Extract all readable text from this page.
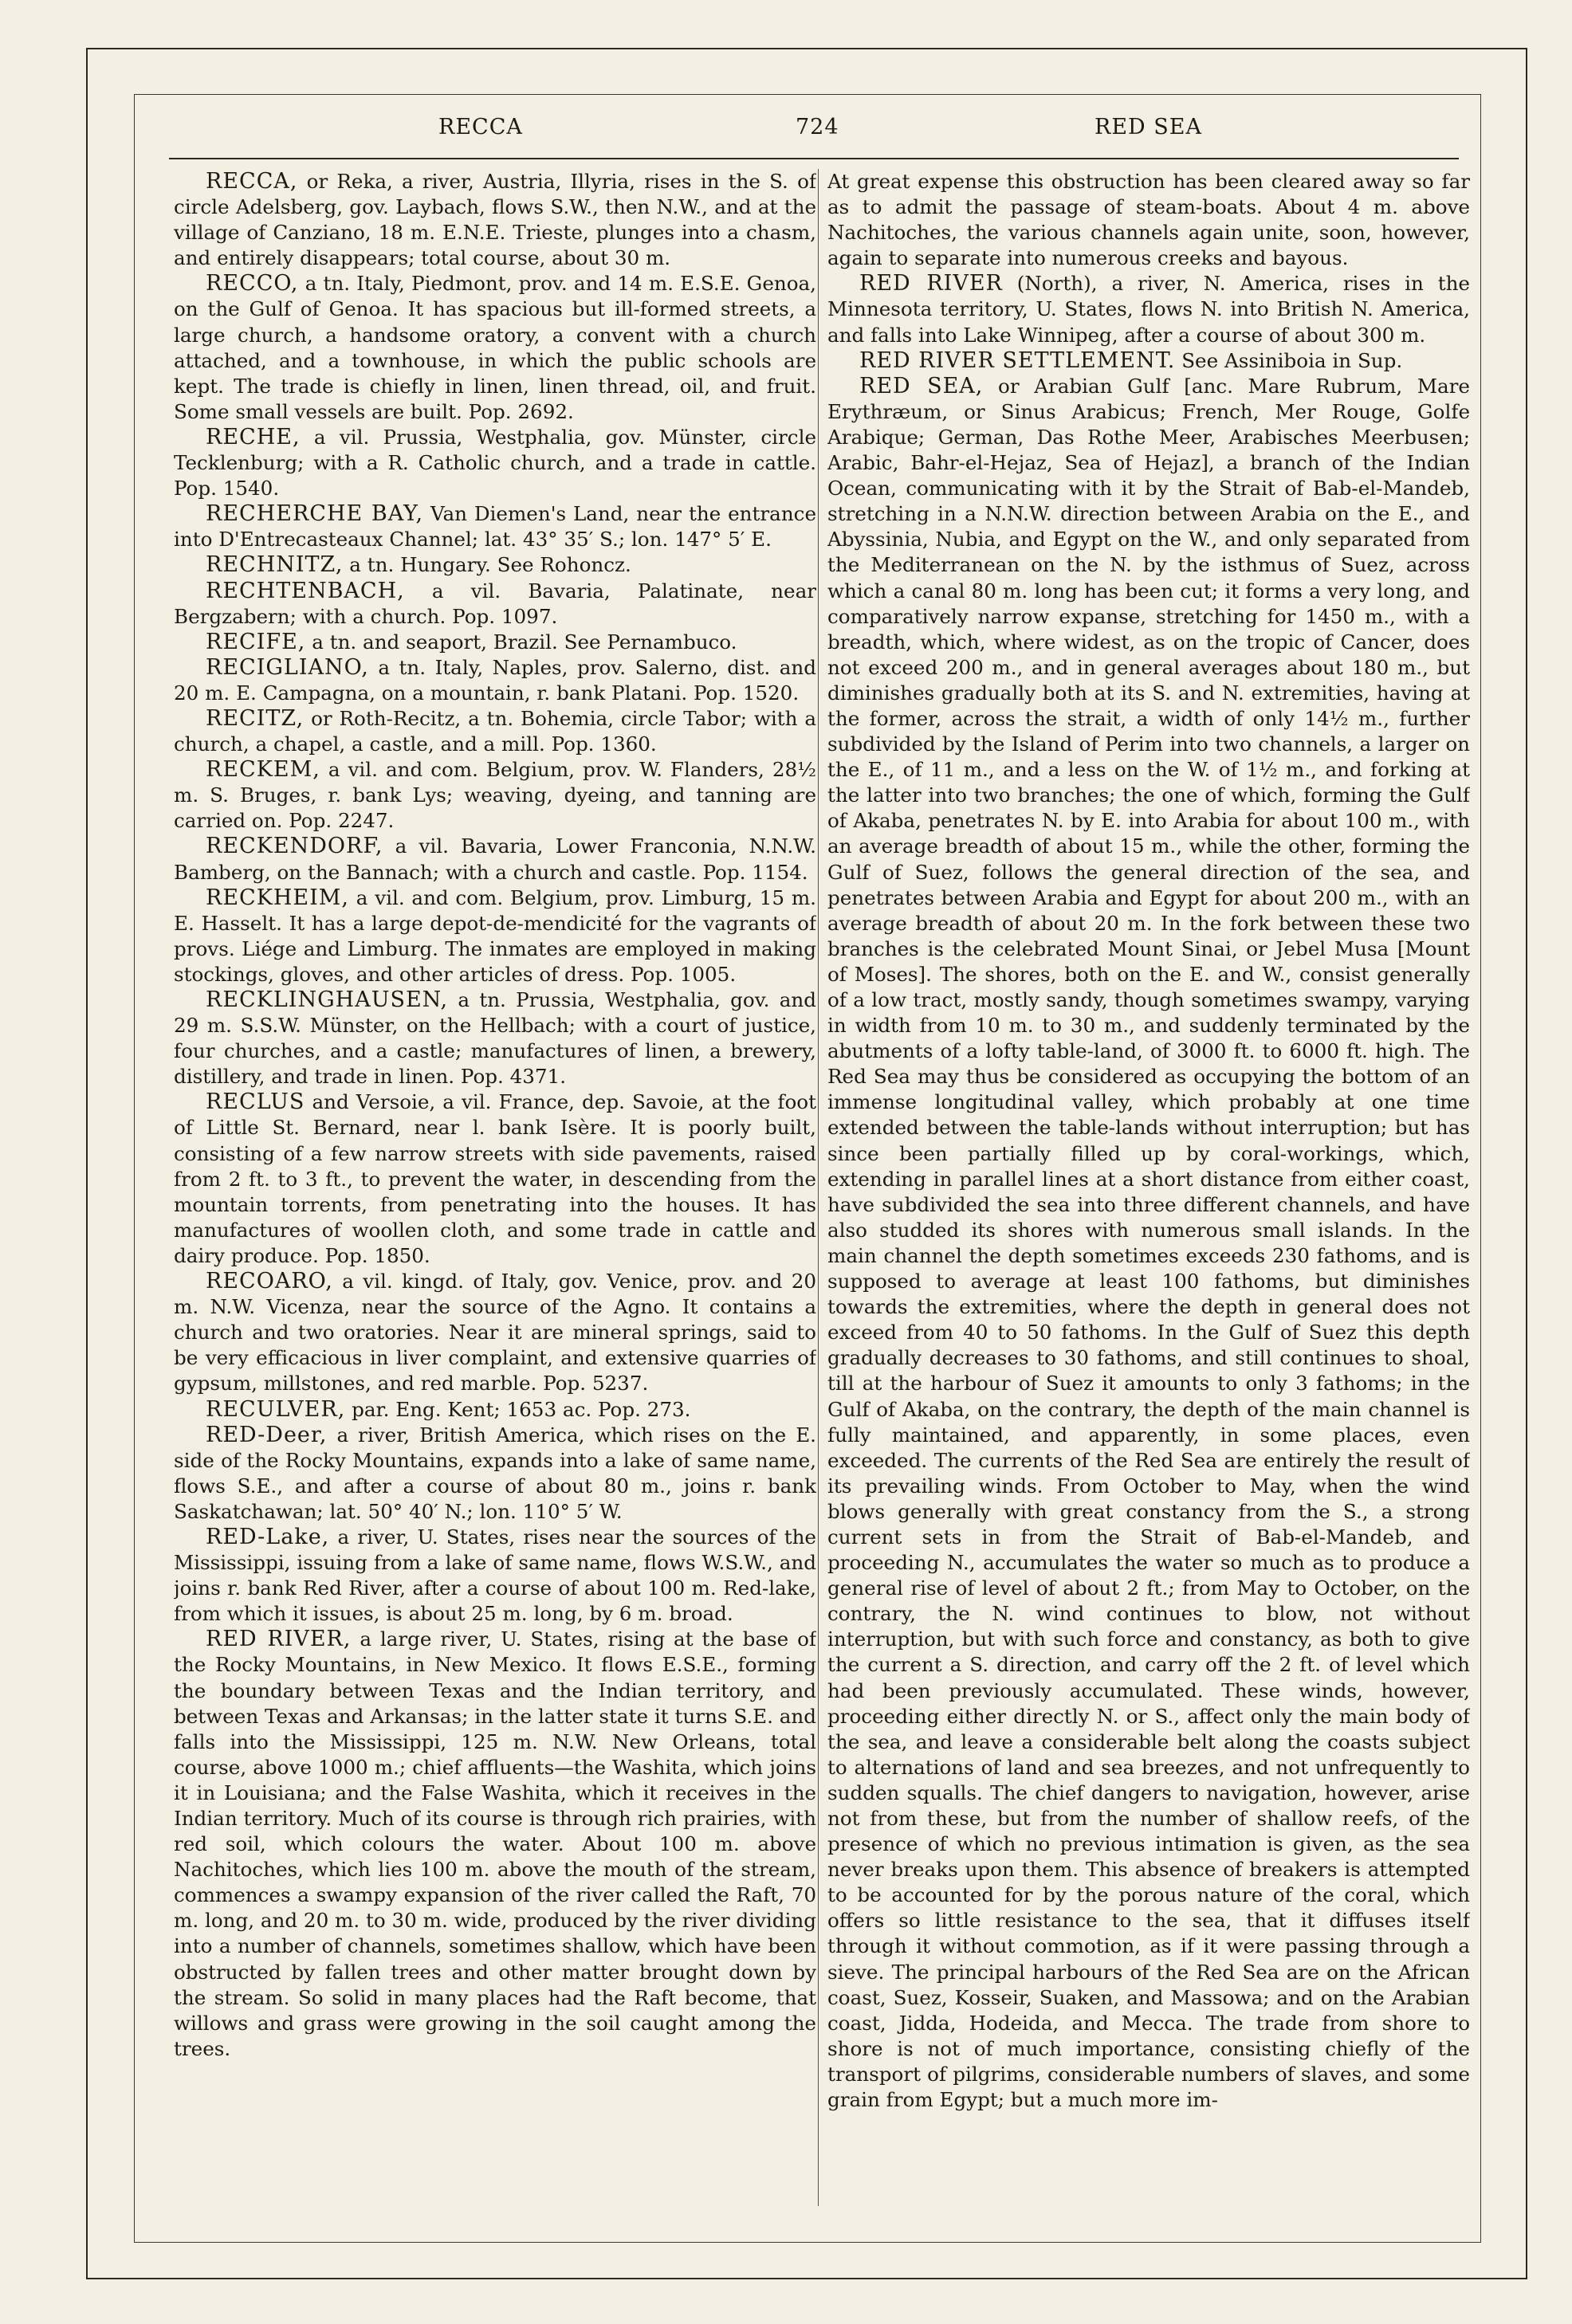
RECCA	724	RED SEA

RECCA, or Reka, a river, Austria, Illyria, rises in the S. of circle Adelsberg, gov. Laybach, flows S.W., then N.W., and at the village of Canziano, 18 m. E.N.E. Trieste, plunges into a chasm, and entirely disappears; total course, about 30 m.

RECCO, a tn. Italy, Piedmont, prov. and 14 m. E.S.E. Genoa, on the Gulf of Genoa. It has spacious but ill-formed streets, a large church, a handsome oratory, a convent with a church attached, and a townhouse, in which the public schools are kept. The trade is chiefly in linen, linen thread, oil, and fruit. Some small vessels are built. Pop. 2692.

RECHE, a vil. Prussia, Westphalia, gov. Münster, circle Tecklenburg; with a R. Catholic church, and a trade in cattle. Pop. 1540.

RECHERCHE BAY, Van Diemen's Land, near the entrance into D'Entrecasteaux Channel; lat. 43° 35′ S.; lon. 147° 5′ E.

RECHNITZ, a tn. Hungary. See Rohoncz.

RECHTENBACH, a vil. Bavaria, Palatinate, near Bergzabern; with a church. Pop. 1097.

RECIFE, a tn. and seaport, Brazil. See Pernambuco.

RECIGLIANO, a tn. Italy, Naples, prov. Salerno, dist. and 20 m. E. Campagna, on a mountain, r. bank Platani. Pop. 1520.

RECITZ, or Roth-Recitz, a tn. Bohemia, circle Tabor; with a church, a chapel, a castle, and a mill. Pop. 1360.

RECKEM, a vil. and com. Belgium, prov. W. Flanders, 28½ m. S. Bruges, r. bank Lys; weaving, dyeing, and tanning are carried on. Pop. 2247.

RECKENDORF, a vil. Bavaria, Lower Franconia, N.N.W. Bamberg, on the Bannach; with a church and castle. Pop. 1154.

RECKHEIM, a vil. and com. Belgium, prov. Limburg, 15 m. E. Hasselt. It has a large depot-de-mendicité for the vagrants of provs. Liége and Limburg. The inmates are employed in making stockings, gloves, and other articles of dress. Pop. 1005.

RECKLINGHAUSEN, a tn. Prussia, Westphalia, gov. and 29 m. S.S.W. Münster, on the Hellbach; with a court of justice, four churches, and a castle; manufactures of linen, a brewery, distillery, and trade in linen. Pop. 4371.

RECLUS and Versoie, a vil. France, dep. Savoie, at the foot of Little St. Bernard, near l. bank Isère. It is poorly built, consisting of a few narrow streets with side pavements, raised from 2 ft. to 3 ft., to prevent the water, in descending from the mountain torrents, from penetrating into the houses. It has manufactures of woollen cloth, and some trade in cattle and dairy produce. Pop. 1850.

RECOARO, a vil. kingd. of Italy, gov. Venice, prov. and 20 m. N.W. Vicenza, near the source of the Agno. It contains a church and two oratories. Near it are mineral springs, said to be very efficacious in liver complaint, and extensive quarries of gypsum, millstones, and red marble. Pop. 5237.

RECULVER, par. Eng. Kent; 1653 ac. Pop. 273.

RED-Deer, a river, British America, which rises on the E. side of the Rocky Mountains, expands into a lake of same name, flows S.E., and after a course of about 80 m., joins r. bank Saskatchawan; lat. 50° 40′ N.; lon. 110° 5′ W.

RED-Lake, a river, U. States, rises near the sources of the Mississippi, issuing from a lake of same name, flows W.S.W., and joins r. bank Red River, after a course of about 100 m. Red-lake, from which it issues, is about 25 m. long, by 6 m. broad.

RED RIVER, a large river, U. States, rising at the base of the Rocky Mountains, in New Mexico. It flows E.S.E., forming the boundary between Texas and the Indian territory, and between Texas and Arkansas; in the latter state it turns S.E. and falls into the Mississippi, 125 m. N.W. New Orleans, total course, above 1000 m.; chief affluents—the Washita, which joins it in Louisiana; and the False Washita, which it receives in the Indian territory. Much of its course is through rich prairies, with red soil, which colours the water. About 100 m. above Nachitoches, which lies 100 m. above the mouth of the stream, commences a swampy expansion of the river called the Raft, 70 m. long, and 20 m. to 30 m. wide, produced by the river dividing into a number of channels, sometimes shallow, which have been obstructed by fallen trees and other matter brought down by the stream. So solid in many places had the Raft become, that willows and grass were growing in the soil caught among the trees.

At great expense this obstruction has been cleared away so far as to admit the passage of steam-boats. About 4 m. above Nachitoches, the various channels again unite, soon, however, again to separate into numerous creeks and bayous.

RED RIVER (North), a river, N. America, rises in the Minnesota territory, U. States, flows N. into British N. America, and falls into Lake Winnipeg, after a course of about 300 m.

RED RIVER SETTLEMENT. See Assiniboia in Sup.

RED SEA, or Arabian Gulf [anc. Mare Rubrum, Mare Erythræum, or Sinus Arabicus; French, Mer Rouge, Golfe Arabique; German, Das Rothe Meer, Arabisches Meerbusen; Arabic, Bahr-el-Hejaz, Sea of Hejaz], a branch of the Indian Ocean, communicating with it by the Strait of Bab-el-Mandeb, stretching in a N.N.W. direction between Arabia on the E., and Abyssinia, Nubia, and Egypt on the W., and only separated from the Mediterranean on the N. by the isthmus of Suez, across which a canal 80 m. long has been cut; it forms a very long, and comparatively narrow expanse, stretching for 1450 m., with a breadth, which, where widest, as on the tropic of Cancer, does not exceed 200 m., and in general averages about 180 m., but diminishes gradually both at its S. and N. extremities, having at the former, across the strait, a width of only 14½ m., further subdivided by the Island of Perim into two channels, a larger on the E., of 11 m., and a less on the W. of 1½ m., and forking at the latter into two branches; the one of which, forming the Gulf of Akaba, penetrates N. by E. into Arabia for about 100 m., with an average breadth of about 15 m., while the other, forming the Gulf of Suez, follows the general direction of the sea, and penetrates between Arabia and Egypt for about 200 m., with an average breadth of about 20 m. In the fork between these two branches is the celebrated Mount Sinai, or Jebel Musa [Mount of Moses]. The shores, both on the E. and W., consist generally of a low tract, mostly sandy, though sometimes swampy, varying in width from 10 m. to 30 m., and suddenly terminated by the abutments of a lofty table-land, of 3000 ft. to 6000 ft. high. The Red Sea may thus be considered as occupying the bottom of an immense longitudinal valley, which probably at one time extended between the table-lands without interruption; but has since been partially filled up by coral-workings, which, extending in parallel lines at a short distance from either coast, have subdivided the sea into three different channels, and have also studded its shores with numerous small islands. In the main channel the depth sometimes exceeds 230 fathoms, and is supposed to average at least 100 fathoms, but diminishes towards the extremities, where the depth in general does not exceed from 40 to 50 fathoms. In the Gulf of Suez this depth gradually decreases to 30 fathoms, and still continues to shoal, till at the harbour of Suez it amounts to only 3 fathoms; in the Gulf of Akaba, on the contrary, the depth of the main channel is fully maintained, and apparently, in some places, even exceeded. The currents of the Red Sea are entirely the result of its prevailing winds. From October to May, when the wind blows generally with great constancy from the S., a strong current sets in from the Strait of Bab-el-Mandeb, and proceeding N., accumulates the water so much as to produce a general rise of level of about 2 ft.; from May to October, on the contrary, the N. wind continues to blow, not without interruption, but with such force and constancy, as both to give the current a S. direction, and carry off the 2 ft. of level which had been previously accumulated. These winds, however, proceeding either directly N. or S., affect only the main body of the sea, and leave a considerable belt along the coasts subject to alternations of land and sea breezes, and not unfrequently to sudden squalls. The chief dangers to navigation, however, arise not from these, but from the number of shallow reefs, of the presence of which no previous intimation is given, as the sea never breaks upon them. This absence of breakers is attempted to be accounted for by the porous nature of the coral, which offers so little resistance to the sea, that it diffuses itself through it without commotion, as if it were passing through a sieve. The principal harbours of the Red Sea are on the African coast, Suez, Kosseir, Suaken, and Massowa; and on the Arabian coast, Jidda, Hodeida, and Mecca. The trade from shore to shore is not of much importance, consisting chiefly of the transport of pilgrims, considerable numbers of slaves, and some grain from Egypt; but a much more im-
